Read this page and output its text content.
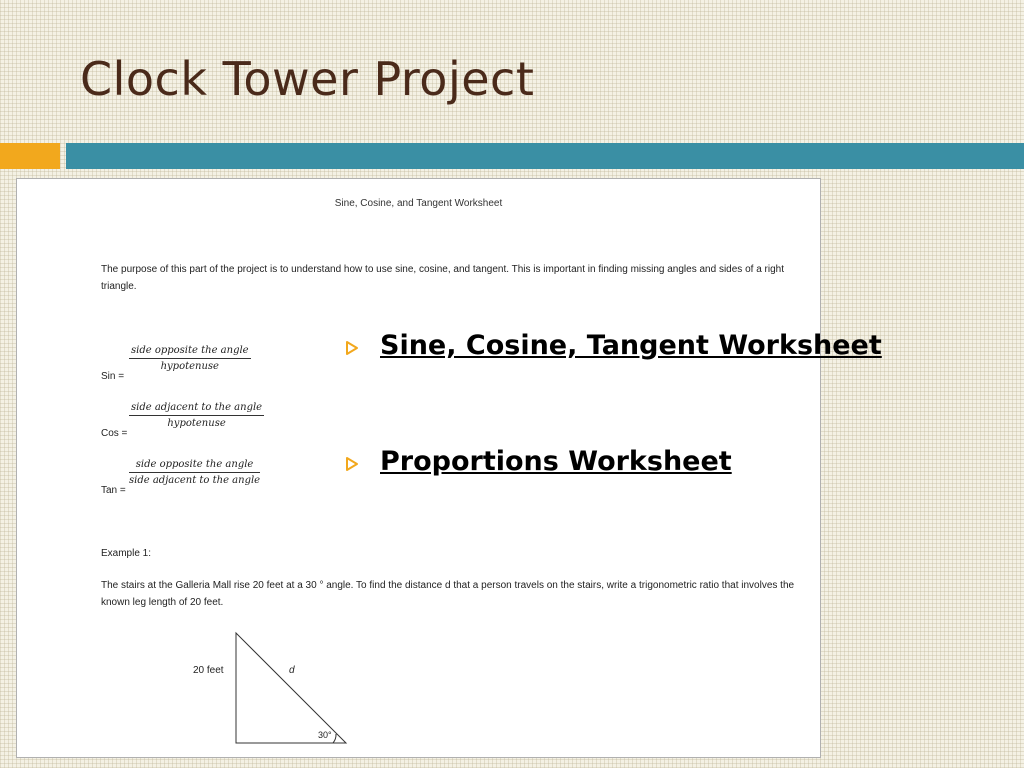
Clock Tower Project
Sine, Cosine, and Tangent Worksheet
The purpose of this part of the project is to understand how to use sine, cosine, and tangent. This is important in finding missing angles and sides of a right triangle.
Sin =
side opposite the angle
hypotenuse
Cos =
side adjacent to the angle
hypotenuse
Tan =
side opposite the angle
side adjacent to the angle
Example 1:
The stairs at the Galleria Mall rise 20 feet at a 30 ° angle. To find the distance d that a person travels on the stairs, write a trigonometric ratio that involves the known leg length of 20 feet.
20 feet	d
30°
Sine, Cosine, Tangent Worksheet
Proportions Worksheet
